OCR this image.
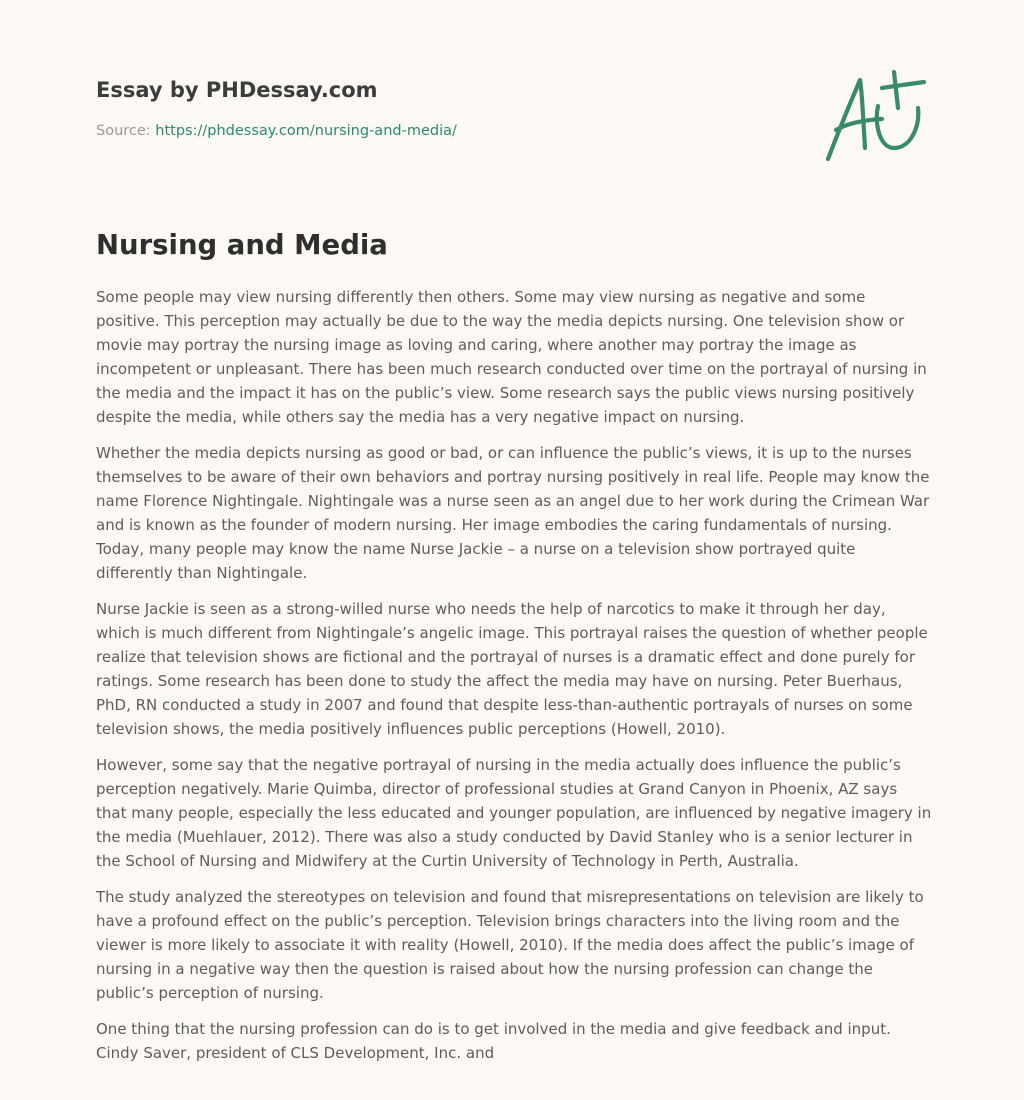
Essay by PHDessay.com
Source: https://phdessay.com/nursing-and-media/
Nursing and Media

Some people may view nursing differently then others. Some may view nursing as negative and some positive. This perception may actually be due to the way the media depicts nursing. One television show or movie may portray the nursing image as loving and caring, where another may portray the image as incompetent or unpleasant. There has been much research conducted over time on the portrayal of nursing in the media and the impact it has on the public’s view. Some research says the public views nursing positively despite the media, while others say the media has a very negative impact on nursing.

Whether the media depicts nursing as good or bad, or can influence the public’s views, it is up to the nurses themselves to be aware of their own behaviors and portray nursing positively in real life. People may know the name Florence Nightingale. Nightingale was a nurse seen as an angel due to her work during the Crimean War and is known as the founder of modern nursing. Her image embodies the caring fundamentals of nursing. Today, many people may know the name Nurse Jackie – a nurse on a television show portrayed quite differently than Nightingale.

Nurse Jackie is seen as a strong-willed nurse who needs the help of narcotics to make it through her day, which is much different from Nightingale’s angelic image. This portrayal raises the question of whether people realize that television shows are fictional and the portrayal of nurses is a dramatic effect and done purely for ratings. Some research has been done to study the affect the media may have on nursing. Peter Buerhaus, PhD, RN conducted a study in 2007 and found that despite less-than-authentic portrayals of nurses on some television shows, the media positively influences public perceptions (Howell, 2010).

However, some say that the negative portrayal of nursing in the media actually does influence the public’s perception negatively. Marie Quimba, director of professional studies at Grand Canyon in Phoenix, AZ says that many people, especially the less educated and younger population, are influenced by negative imagery in the media (Muehlauer, 2012). There was also a study conducted by David Stanley who is a senior lecturer in the School of Nursing and Midwifery at the Curtin University of Technology in Perth, Australia.

The study analyzed the stereotypes on television and found that misrepresentations on television are likely to have a profound effect on the public’s perception. Television brings characters into the living room and the viewer is more likely to associate it with reality (Howell, 2010). If the media does affect the public’s image of nursing in a negative way then the question is raised about how the nursing profession can change the public’s perception of nursing.

One thing that the nursing profession can do is to get involved in the media and give feedback and input. Cindy Saver, president of CLS Development, Inc. and
